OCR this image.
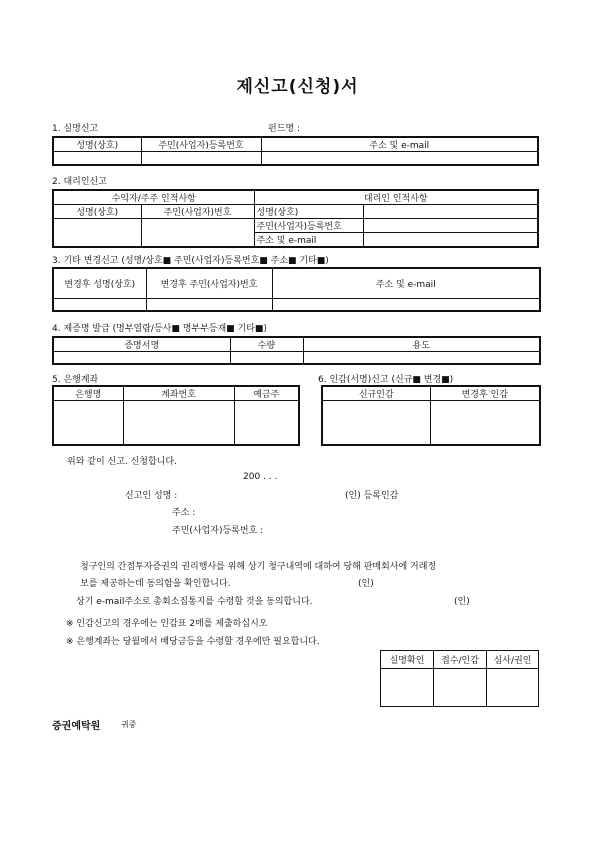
제신고(신청)서
1. 실명신고	펀드명 :
성명(상호)	주민(사업자)등록번호	주소 및 e-mail

2. 대리인신고
수익자/주주 인적사항		대리인 인적사항	
성명(상호)	주민(사업자)번호	성명(상호)	
		주민(사업자)등록번호	
		주소 및 e-mail	
3. 기타 변경신고 (성명/상호■ 주민(사업자)등록번호■ 주소■ 기타■)
변경후 성명(상호)	변경후 주민(사업자)번호	주소 및 e-mail

4. 제증명 발급 (명부열람/등사■ 명부부등재■ 기타■)
증명서명	수량	용도

5. 은행계좌
은행명	계좌번호	예금주

6. 인감(서명)신고 (신규■ 변경■)
신규인감	변경후 인감

위와 같이 신고. 신청합니다.
200 . . .
신고인 성명 :	(인) 등록인감
주소 :
주민(사업자)등록번호 :
청구인의 간접투자증권의 권리행사를 위해 상기 청구내역에 대하여 당해 판매회사에 거래정
보를 제공하는데 동의함을 확인합니다.	(인)
상기 e-mail주소로 총회소집통지를 수령할 것을 동의합니다.	(인)
※ 인감신고의 경우에는 인감표 2매를 제출하십시오
※ 은행계좌는 당월에서 배당금등을 수령할 경우에만 필요합니다.
실명확인	접수/인감	심사/권인

증권예탁원	귀중
